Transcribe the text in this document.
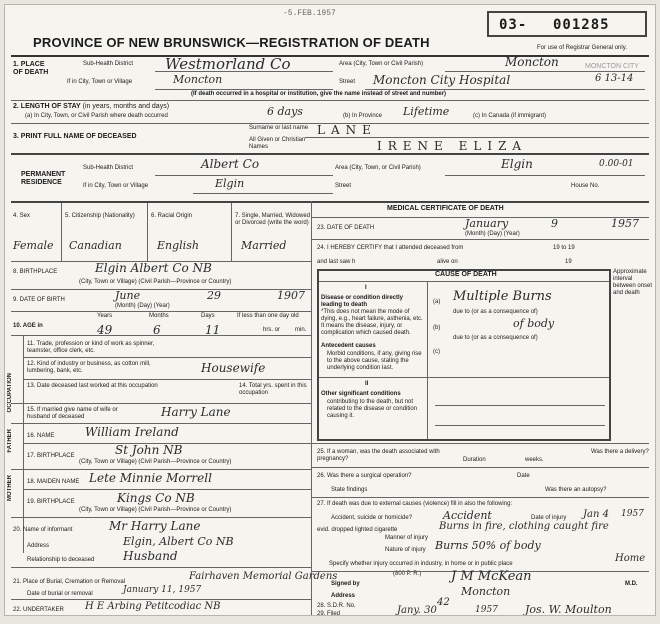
-5.FEB.1957
03- 001285
PROVINCE OF NEW BRUNSWICK—REGISTRATION OF DEATH	For use of Registrar General only.
1. PLACE OF DEATH
Sub-Health District Westmorland Co	Area (City, Town or Civil Parish)	Moncton	MONCTON CITY
If in City, Town or Village	Moncton	Street Moncton City Hospital	6 13-14
(If death occurred in a hospital or institution, give the name instead of street and number)
2. LENGTH OF STAY (in years, months and days)
(a) In City, Town, or Civil Parish where death occurred	6 days	(b) In Province Lifetime	(c) In Canada (if immigrant)
3. PRINT FULL NAME OF DECEASED
Surname or last name
All Given or Christian Names
LANE
IRENE ELIZA
PERMANENT RESIDENCE
Sub-Health District	Albert Co	Area (City, Town, or Civil Parish)	Elgin	0.00-01
If in City, Town or Village	Elgin	Street	House No.
4. Sex	5. Citizenship (Nationality)	6. Racial Origin	7. Single, Married, Widowed or Divorced (write the word)
Female Canadian	English	Married
8. BIRTHPLACE	Elgin Albert Co NB
(City, Town or Village) (Civil Parish—Province or Country)
9. DATE OF BIRTH	June	29	1907
(Month) (Day) (Year)
10. AGE in
Years	Months	Days	If less than one day old
49	6	11	hrs. or min.
OCCUPATION
11. Trade, profession or kind of work as spinner, teamster, office clerk, etc.
12. Kind of industry or business, as cotton mill, lumbering, bank, etc.	Housewife
13. Date deceased last worked at this occupation	14. Total yrs. spent in this occupation
15. If married give name of wife or husband of deceased	Harry Lane
FATHER	16. NAME	William Ireland
17. BIRTHPLACE	St John NB
(City, Town or Village) (Civil Parish—Province or Country)
MOTHER	18. MAIDEN NAME Lete Minnie Morrell
19. BIRTHPLACE	Kings Co NB
(City, Town or Village) (Civil Parish—Province or Country)
20. Name of informant	Mr Harry Lane
Address	Elgin, Albert Co NB
Relationship to deceased Husband
21. Place of Burial, Cremation or Removal	Fairhaven Memorial Gardens
Date of burial or removal	January 11, 1957
22. UNDERTAKER H E Arbing Petitcodiac NB
MEDICAL CERTIFICATE OF DEATH
23. DATE OF DEATH	January	9	1957
(Month) (Day) (Year)
24. I HEREBY CERTIFY that I attended deceased from	19 to 19
and last saw h	alive on	19
CAUSE OF DEATH	Approximate interval between onset and death
I
Disease or condition directly leading to death
*This does not mean the mode of dying, e.g., heart failure, asthenia, etc. It means the disease, injury, or complication which caused death.
(a) Multiple Burns
due to (or as a consequence of)
(b)	of body
due to (or as a consequence of)
(c)
Antecedent causes
Morbid conditions, if any, giving rise to the above cause, stating the underlying condition last.
II
Other significant conditions
contributing to the death, but not related to the disease or condition causing it.
25. If a woman, was the death associated with pregnancy?	Duration	weeks.
Was there a delivery?
26. Was there a surgical operation?	Date
State findings	Was there an autopsy?
27. If death was due to external causes (violence) fill in also the following:
Accident, suicide or homicide?	Accident	Date of injury Jan 4 1957
evid. dropped lighted cigarette
Manner of injury
Burns in fire, clothing caught fire
Nature of injury Burns 50% of body
Specify whether injury occurred in industry, in home or in public place	Home
(800 P. R.)
Signed by	J M McKean	M.D.
Address	Moncton
28. S.D.R. No.	42
29. Filed	Jany. 30	1957 Jos. W. Moulton
